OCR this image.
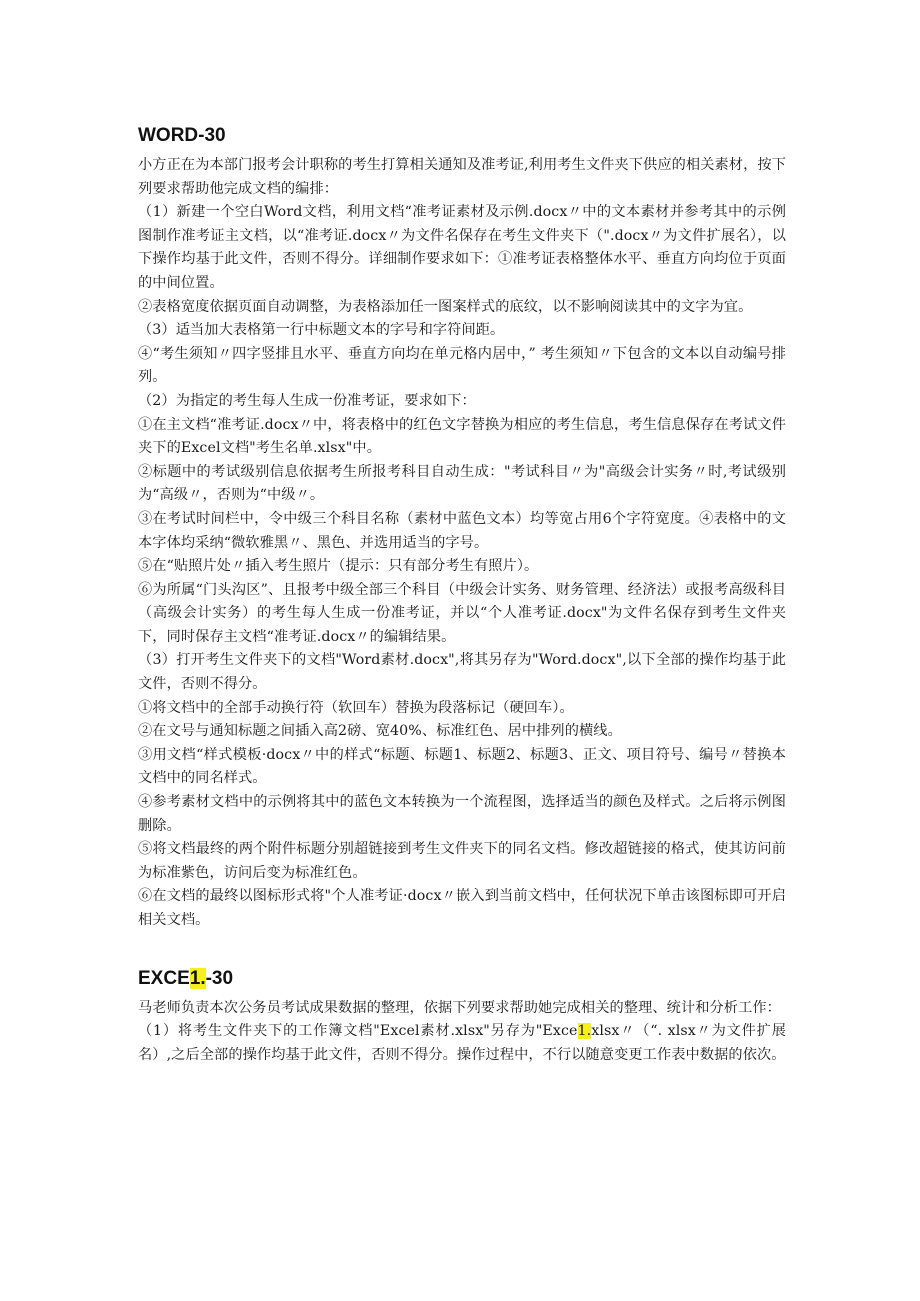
WORD-30

小方正在为本部门报考会计职称的考生打算相关通知及准考证,利用考生文件夹下供应的相关素材，按下列要求帮助他完成文档的编排：

（1）新建一个空白Word文档，利用文档“准考证素材及示例.docx〃中的文本素材并参考其中的示例图制作准考证主文档，以“准考证.docx〃为文件名保存在考生文件夹下（".docx〃为文件扩展名），以下操作均基于此文件，否则不得分。详细制作要求如下：①准考证表格整体水平、垂直方向均位于页面的中间位置。

②表格宽度依据页面自动调整，为表格添加任一图案样式的底纹，以不影响阅读其中的文字为宜。

（3）适当加大表格第一行中标题文本的字号和字符间距。

④“考生须知〃四字竖排且水平、垂直方向均在单元格内居中，” 考生须知〃下包含的文本以自动编号排列。

（2）为指定的考生每人生成一份准考证，要求如下：

①在主文档“准考证.docx〃中，将表格中的红色文字替换为相应的考生信息，考生信息保存在考试文件夹下的Excel文档"考生名单.xlsx"中。

②标题中的考试级别信息依据考生所报考科目自动生成："考试科目〃为"高级会计实务〃时,考试级别为“高级〃，否则为“中级〃。

③在考试时间栏中，令中级三个科目名称（素材中蓝色文本）均等宽占用6个字符宽度。④表格中的文本字体均采纳“微软雅黑〃、黑色、并选用适当的字号。

⑤在“贴照片处〃插入考生照片（提示：只有部分考生有照片）。

⑥为所属“门头沟区”、且报考中级全部三个科目（中级会计实务、财务管理、经济法）或报考高级科目（高级会计实务）的考生每人生成一份准考证，并以“个人准考证.docx"为文件名保存到考生文件夹下，同时保存主文档“准考证.docx〃的编辑结果。

（3）打开考生文件夹下的文档"Word素材.docx",将其另存为"Word.docx",以下全部的操作均基于此文件，否则不得分。

①将文档中的全部手动换行符（软回车）替换为段落标记（硬回车）。

②在文号与通知标题之间插入高2磅、宽40%、标准红色、居中排列的横线。

③用文档“样式模板·docx〃中的样式“标题、标题1、标题2、标题3、正文、项目符号、编号〃替换本文档中的同名样式。

④参考素材文档中的示例将其中的蓝色文本转换为一个流程图，选择适当的颜色及样式。之后将示例图删除。

⑤将文档最终的两个附件标题分别超链接到考生文件夹下的同名文档。修改超链接的格式，使其访问前为标准紫色，访问后变为标准红色。

⑥在文档的最终以图标形式将"个人准考证·docx〃嵌入到当前文档中，任何状况下单击该图标即可开启相关文档。

EXCE1.-30

马老师负责本次公务员考试成果数据的整理，依据下列要求帮助她完成相关的整理、统计和分析工作：

（1）将考生文件夹下的工作簿文档"Excel素材.xlsx"另存为"Exce1.xlsx〃（“. xlsx〃为文件扩展名）,之后全部的操作均基于此文件，否则不得分。操作过程中，不行以随意变更工作表中数据的依次。
